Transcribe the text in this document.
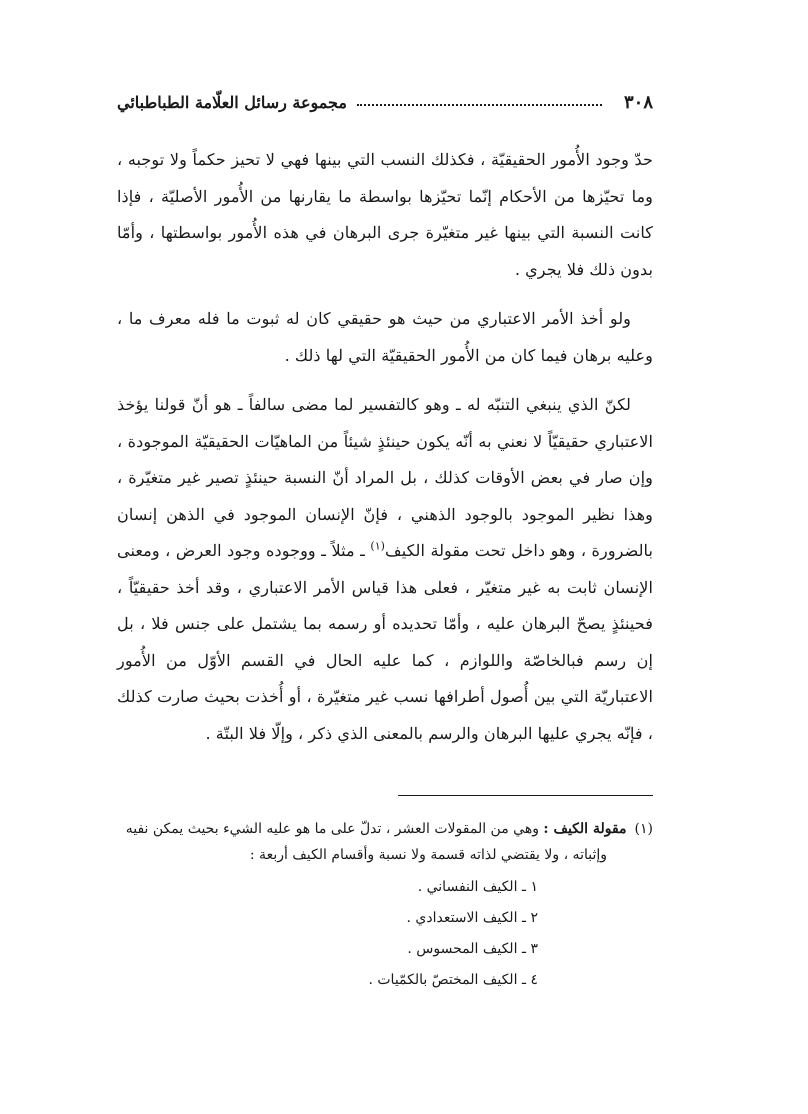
٣٠٨
مجموعة رسائل العلّامة الطباطبائي

حدّ وجود الأُمور الحقيقيّة ، فكذلك النسب التي بينها فهي لا تحيز حكماً ولا توجبه ، وما تحيّزها من الأحكام إنّما تحيّزها بواسطة ما يقارنها من الأُمور الأصليّة ، فإذا كانت النسبة التي بينها غير متغيّرة جرى البرهان في هذه الأُمور بواسطتها ، وأمّا بدون ذلك فلا يجري .

ولو أخذ الأمر الاعتباري من حيث هو حقيقي كان له ثبوت ما فله معرف ما ، وعليه برهان فيما كان من الأُمور الحقيقيّة التي لها ذلك .

لكنّ الذي ينبغي التنبّه له ـ وهو كالتفسير لما مضى سالفاً ـ هو أنّ قولنا يؤخذ الاعتباري حقيقيّاً لا نعني به أنّه يكون حينئذٍ شيئاً من الماهيّات الحقيقيّة الموجودة ، وإن صار في بعض الأوقات كذلك ، بل المراد أنّ النسبة حينئذٍ تصير غير متغيّرة ، وهذا نظير الموجود بالوجود الذهني ، فإنّ الإنسان الموجود في الذهن إنسان بالضرورة ، وهو داخل تحت مقولة الكيف$^{(١)}$ ـ مثلاً ـ ووجوده وجود العرض ، ومعنى الإنسان ثابت به غير متغيّر ، فعلى هذا قياس الأمر الاعتباري ، وقد أخذ حقيقيّاً ، فحينئذٍ يصحّ البرهان عليه ، وأمّا تحديده أو رسمه بما يشتمل على جنس فلا ، بل إن رسم فبالخاصّة واللوازم ، كما عليه الحال في القسم الأوّل من الأُمور الاعتباريّة التي بين أُصول أطرافها نسب غير متغيّرة ، أو أُخذت بحيث صارت كذلك ، فإنّه يجري عليها البرهان والرسم بالمعنى الذي ذكر ، وإلّا فلا البتّة .

(١)مقولة الكيف : وهي من المقولات العشر ، تدلّ على ما هو عليه الشيء بحيث يمكن نفيه

وإثباته ، ولا يقتضي لذاته قسمة ولا نسبة وأقسام الكيف أربعة :

١ ـ الكيف النفساني .
٢ ـ الكيف الاستعدادي .
٣ ـ الكيف المحسوس .
٤ ـ الكيف المختصّ بالكمّيات .
